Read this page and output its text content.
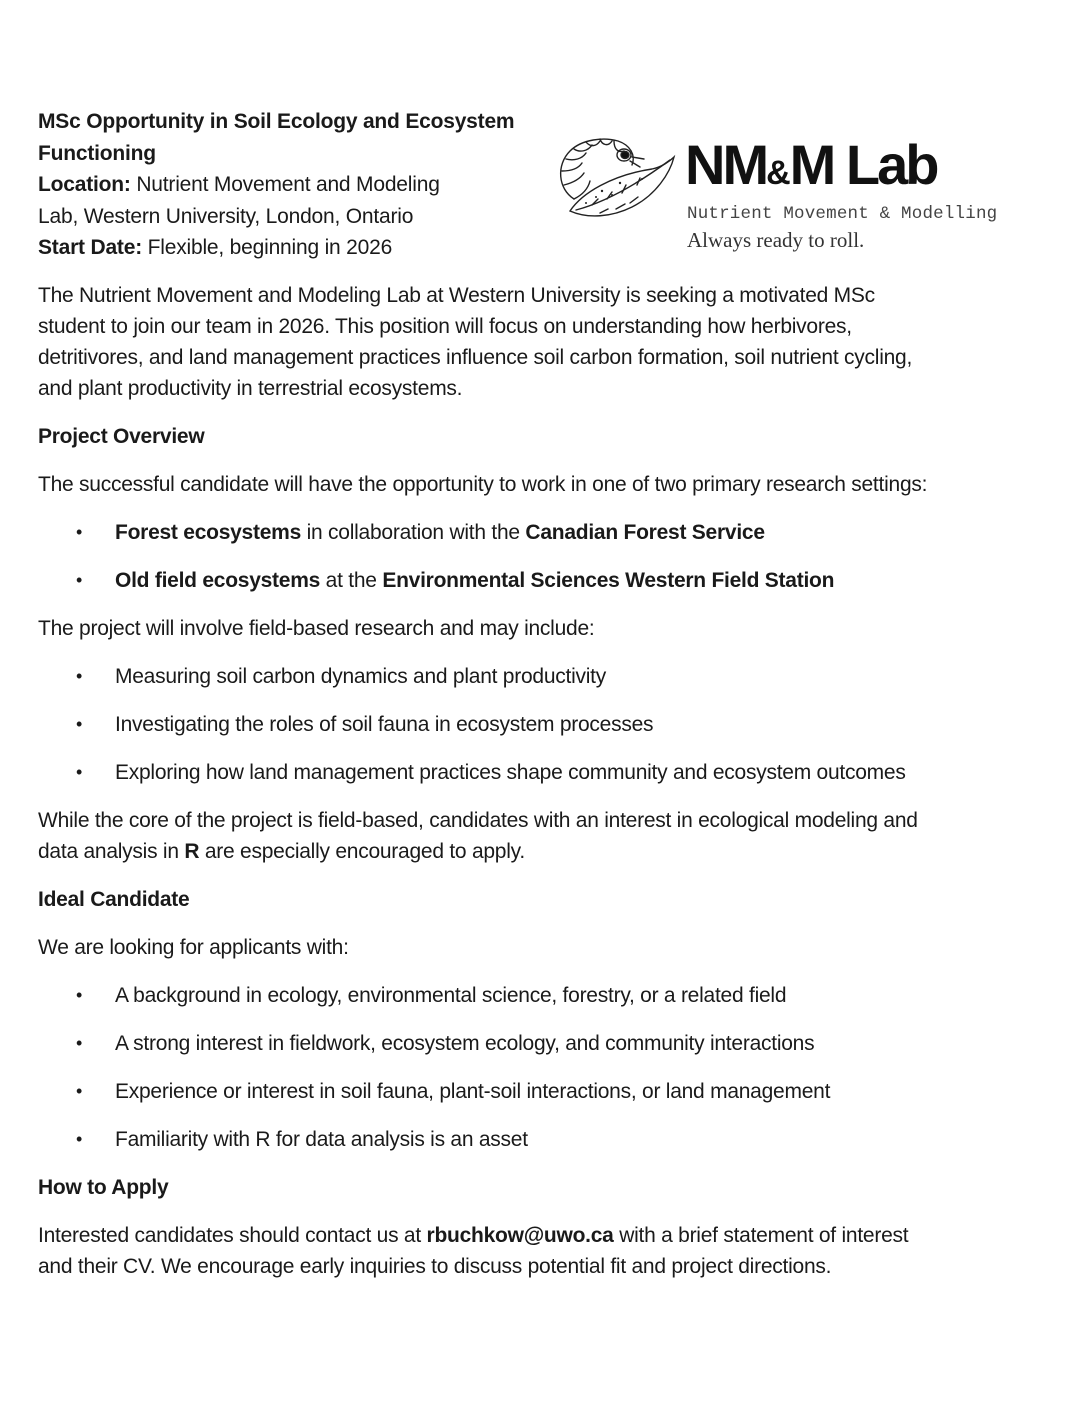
MSc Opportunity in Soil Ecology and Ecosystem
Functioning
Location: Nutrient Movement and Modeling
Lab, Western University, London, Ontario
Start Date: Flexible, beginning in 2026
NM&M Lab
Nutrient Movement & Modelling
Always ready to roll.

The Nutrient Movement and Modeling Lab at Western University is seeking a motivated MSc
student to join our team in 2026. This position will focus on understanding how herbivores,
detritivores, and land management practices influence soil carbon formation, soil nutrient cycling,
and plant productivity in terrestrial ecosystems.

Project Overview

The successful candidate will have the opportunity to work in one of two primary research settings:

• Forest ecosystems in collaboration with the Canadian Forest Service
• Old field ecosystems at the Environmental Sciences Western Field Station

The project will involve field-based research and may include:

• Measuring soil carbon dynamics and plant productivity
• Investigating the roles of soil fauna in ecosystem processes
• Exploring how land management practices shape community and ecosystem outcomes

While the core of the project is field-based, candidates with an interest in ecological modeling and
data analysis in R are especially encouraged to apply.

Ideal Candidate

We are looking for applicants with:

• A background in ecology, environmental science, forestry, or a related field
• A strong interest in fieldwork, ecosystem ecology, and community interactions
• Experience or interest in soil fauna, plant-soil interactions, or land management
• Familiarity with R for data analysis is an asset
How to Apply

Interested candidates should contact us at rbuchkow@uwo.ca with a brief statement of interest
and their CV. We encourage early inquiries to discuss potential fit and project directions.
